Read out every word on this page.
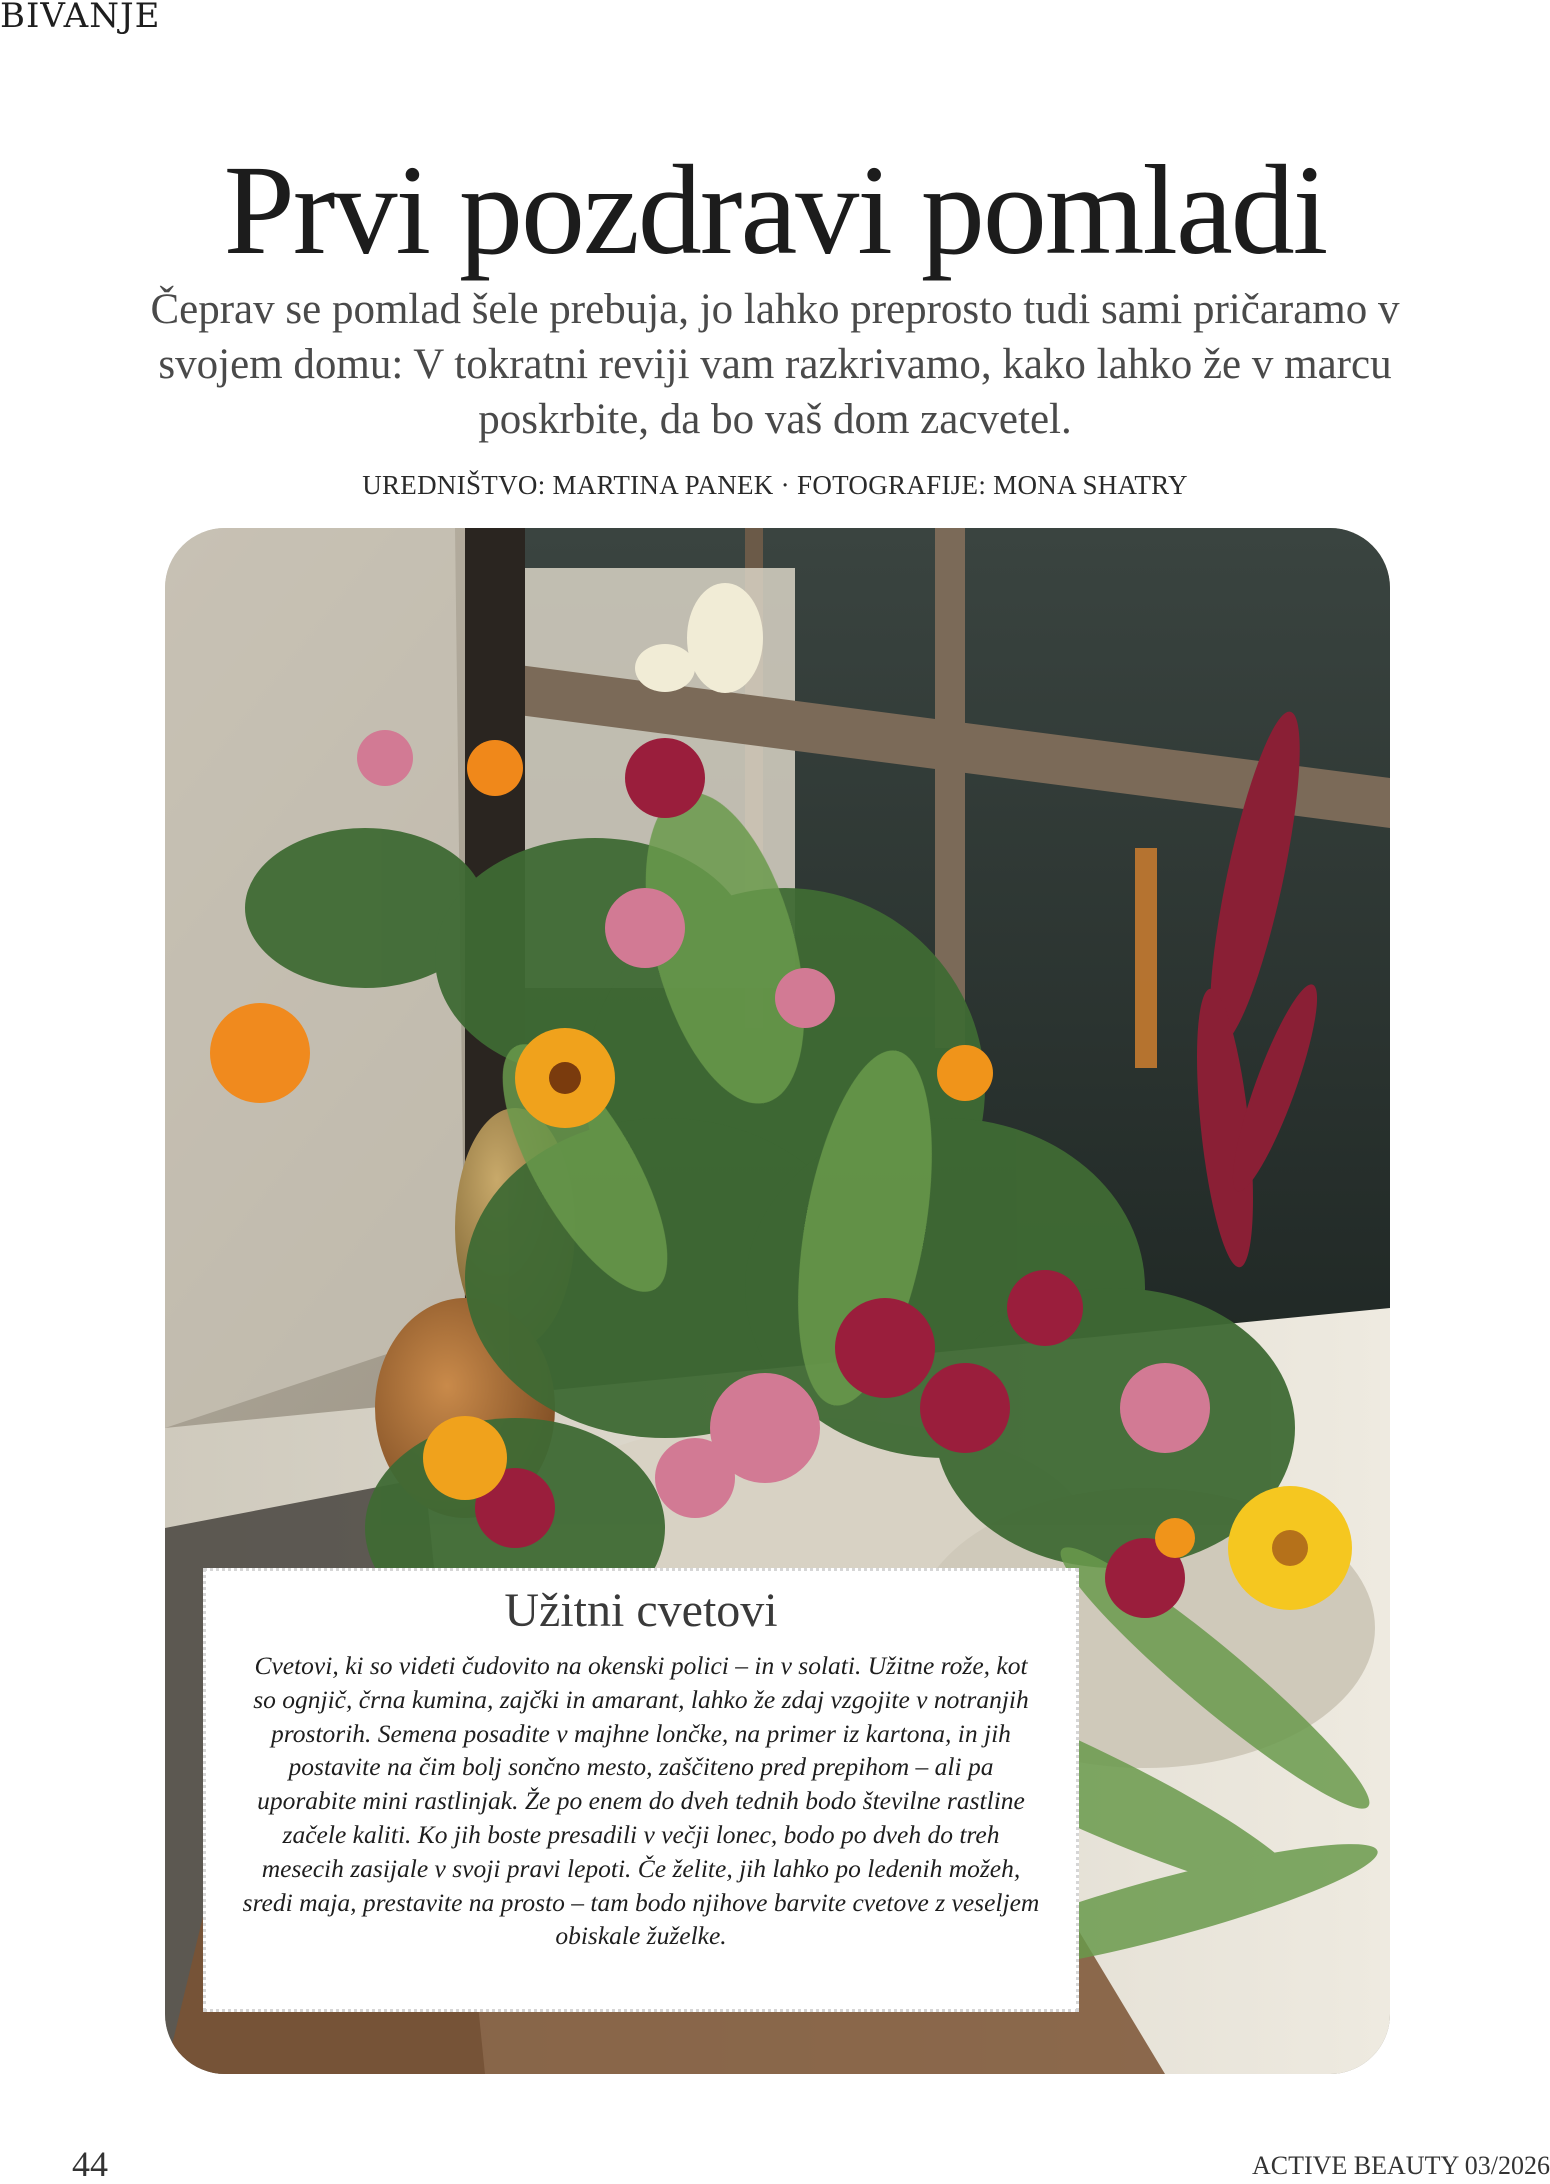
BIVANJE
Prvi pozdravi pomladi

Čeprav se pomlad šele prebuja, jo lahko preprosto tudi sami pričaramo v svojem domu: V tokratni reviji vam razkrivamo, kako lahko že v marcu poskrbite, da bo vaš dom zacvetel.

UREDNIŠTVO: MARTINA PANEK · FOTOGRAFIJE: MONA SHATRY
Užitni cvetovi
Cvetovi, ki so videti čudovito na okenski polici – in v solati. Užitne rože, kot so ognjič, črna kumina, zajčki in amarant, lahko že zdaj vzgojite v notranjih prostorih. Semena posadite v majhne lončke, na primer iz kartona, in jih postavite na čim bolj sončno mesto, zaščiteno pred prepihom – ali pa uporabite mini rastlinjak. Že po enem do dveh tednih bodo številne rastline začele kaliti. Ko jih boste presadili v večji lonec, bodo po dveh do treh mesecih zasijale v svoji pravi lepoti. Če želite, jih lahko po ledenih možeh, sredi maja, prestavite na prosto – tam bodo njihove barvite cvetove z veseljem obiskale žuželke.
44	ACTIVE BEAUTY 03/2026
